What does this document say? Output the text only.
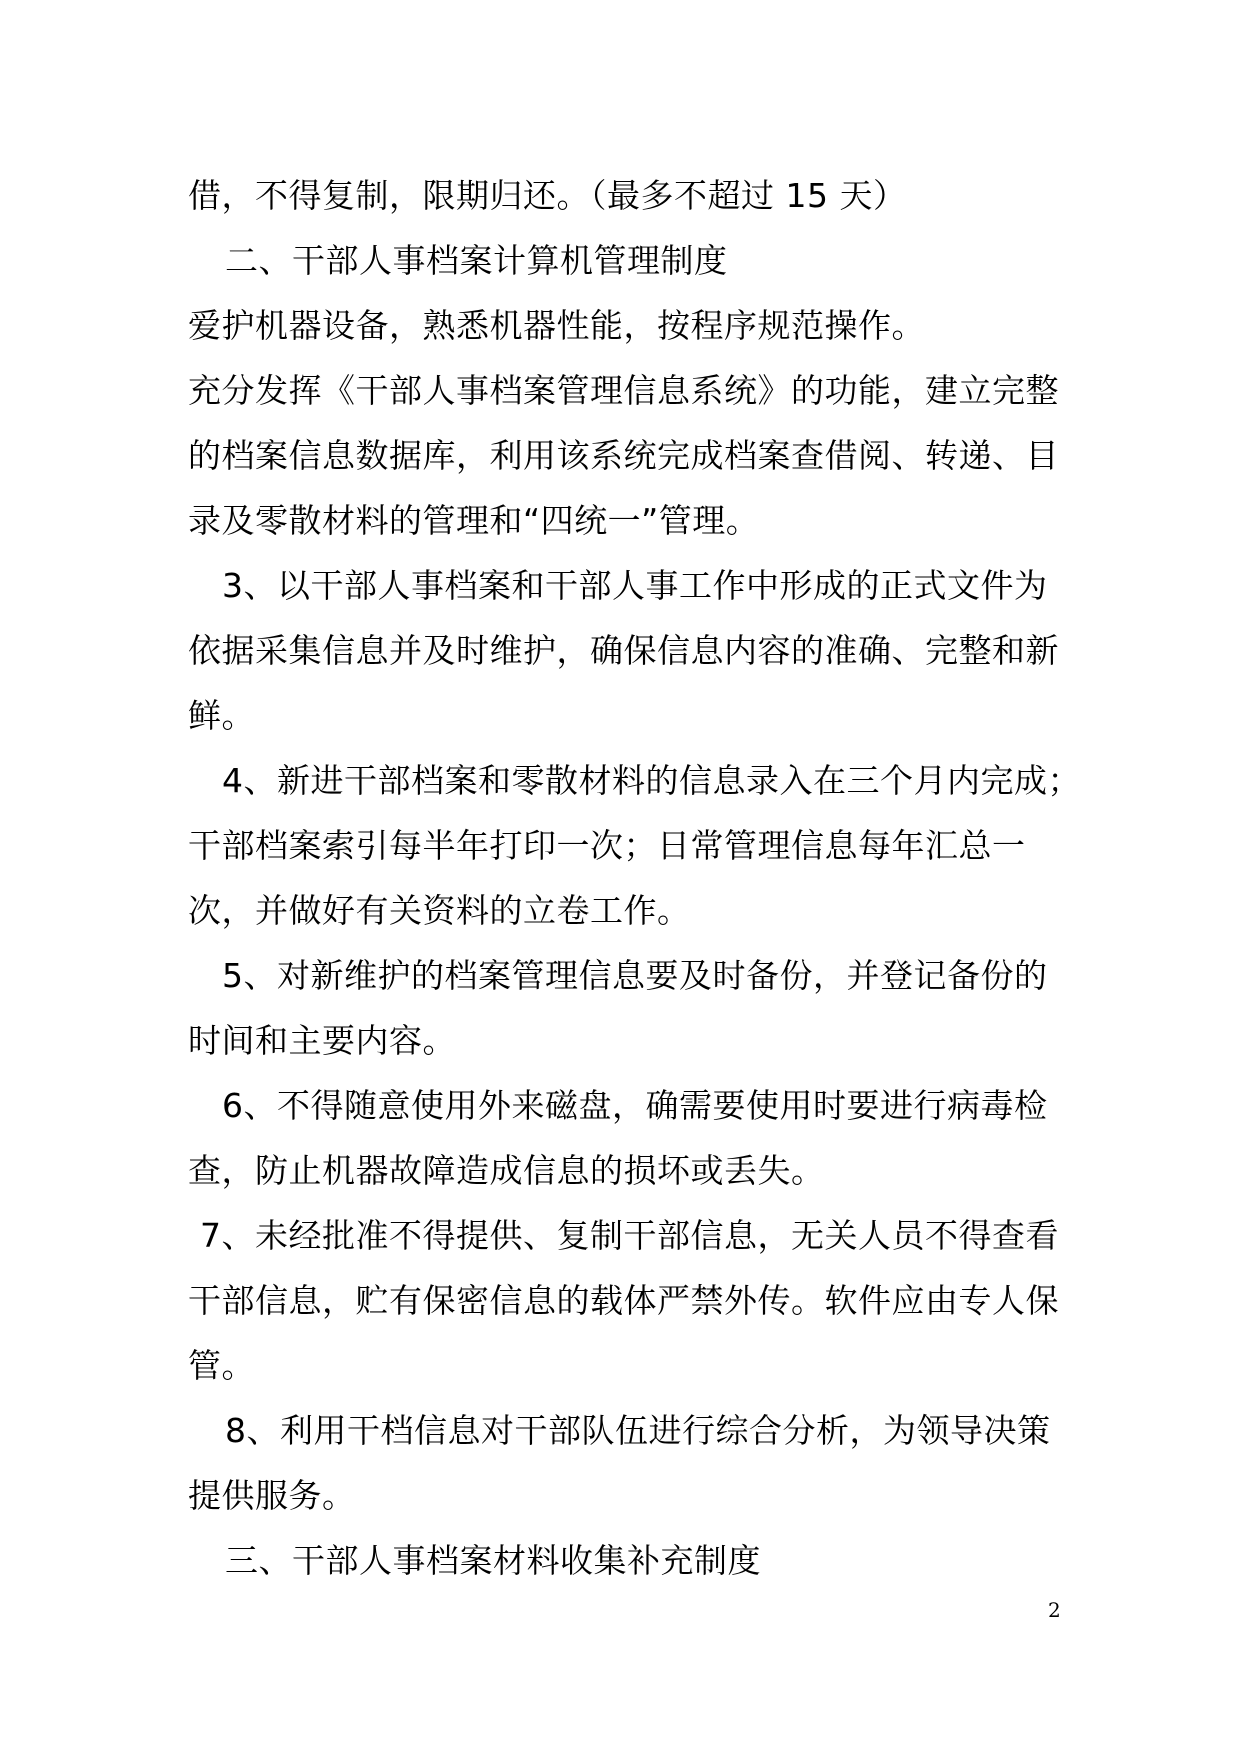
借，不得复制，限期归还。（最多不超过 15 天）
二、干部人事档案计算机管理制度
爱护机器设备，熟悉机器性能，按程序规范操作。
充分发挥《干部人事档案管理信息系统》的功能，建立完整
的档案信息数据库，利用该系统完成档案查借阅、转递、目
录及零散材料的管理和“四统一”管理。
3、以干部人事档案和干部人事工作中形成的正式文件为
依据采集信息并及时维护，确保信息内容的准确、完整和新
鲜。
4、新进干部档案和零散材料的信息录入在三个月内完成；
干部档案索引每半年打印一次；日常管理信息每年汇总一
次，并做好有关资料的立卷工作。
5、对新维护的档案管理信息要及时备份，并登记备份的
时间和主要内容。
6、不得随意使用外来磁盘，确需要使用时要进行病毒检
查，防止机器故障造成信息的损坏或丢失。
7、未经批准不得提供、复制干部信息，无关人员不得查看
干部信息，贮有保密信息的载体严禁外传。软件应由专人保
管。
8、利用干档信息对干部队伍进行综合分析，为领导决策
提供服务。
三、干部人事档案材料收集补充制度
2
